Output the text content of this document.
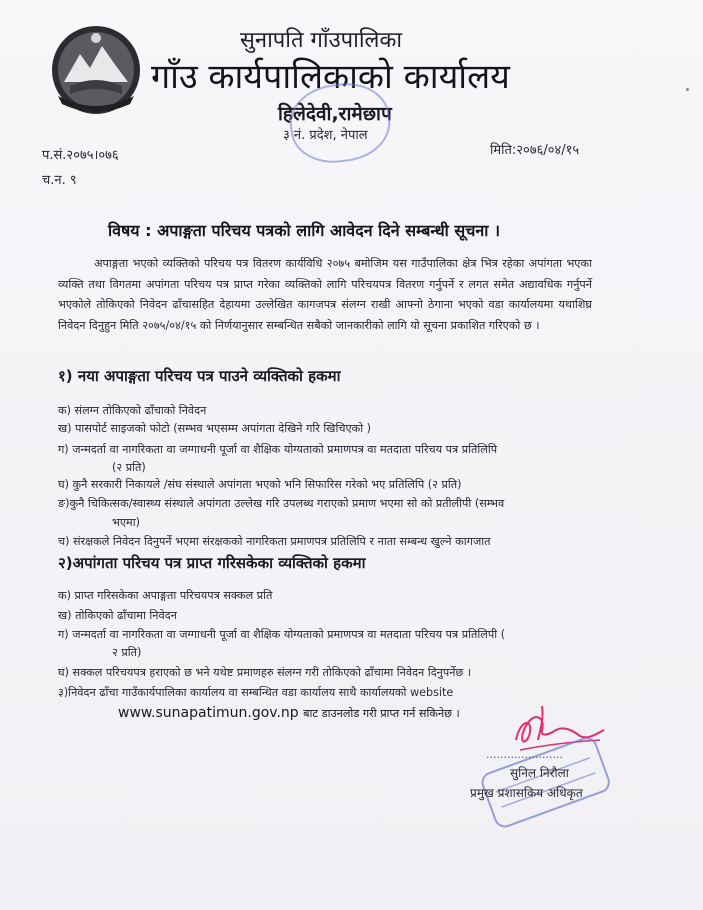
सुनापति गाँउपालिका
गाँउ कार्यपालिकाको कार्यालय
हिलेदेवी,रामेछाप
३ नं. प्रदेश, नेपाल
प.सं.२०७५।०७६
च.न. ९
मिति:२०७६/०४/१५
विषय : अपाङ्गता परिचय पत्रको लागि आवेदन दिने सम्बन्धी सूचना ।

अपाङ्गता भएको व्यक्तिको परिचय पत्र वितरण कार्यविधि २०७५ बमोजिम यस गाउँपालिका क्षेत्र भित्र रहेका अपांगता भएका व्यक्ति तथा विगतमा अपांगता परिचय पत्र प्राप्त गरेका व्यक्तिको लागि परिचयपत्र वितरण गर्नुपर्ने र लगत समेत अद्यावधिक गर्नुपर्ने भएकोले तोकिएको निवेदन ढाँचासहित देहायमा उल्लेखित कागजपत्र संलग्न राखी आफ्नो ठेगाना भएको वडा कार्यालयमा यथाशिघ्र निवेदन दिनुहुन मिति २०७५/०४/१५ को निर्णयानुसार सम्बन्धित सबैको जानकारीको लागि यो सूचना प्रकाशित गरिएको छ ।

१) नया अपाङ्गता परिचय पत्र पाउने व्यक्तिको हकमा
क) संलग्न तोकिएको ढाँचाको निवेदन
ख) पासपोर्ट साइजको फोटो (सम्भव भएसम्म अपांगता देखिने गरि खिचिएको )
ग) जन्मदर्ता वा नागरिकता वा जग्गाधनी पूर्जा वा शैक्षिक योग्यताको प्रमाणपत्र वा मतदाता परिचय पत्र प्रतिलिपि
(२ प्रति)
घ) कुनै सरकारी निकायले /संघ संस्थाले अपांगता भएको भनि सिफारिस गरेको भए प्रतिलिपि (२ प्रति)
ङ)कुनै चिकित्सक/स्वास्थ्य संस्थाले अपांगता उल्लेख गरि उपलब्ध गराएको प्रमाण भएमा सो को प्रतीलीपी (सम्भव
भएमा)
च) संरक्षकले निवेदन दिनुपर्ने भएमा संरक्षकको नागरिकता प्रमाणपत्र प्रतिलिपि र नाता सम्बन्ध खुल्ने कागजात
२)अपांगता परिचय पत्र प्राप्त गरिसकेका व्यक्तिको हकमा
क) प्राप्त गरिसकेका अपाङ्गता परिचयपत्र सक्कल प्रति
ख) तोकिएको ढाँचामा निवेदन
ग) जन्मदर्ता वा नागरिकता वा जग्गाधनी पूर्जा वा शैक्षिक योग्यताको प्रमाणपत्र वा मतदाता परिचय पत्र प्रतिलिपी (
२ प्रति)
घ) सक्कल परिचयपत्र हराएको छ भने यथेष्ट प्रमाणहरु संलग्न गरी तोकिएको ढाँचामा निवेदन दिनुपर्नेछ ।
३)निवेदन ढाँचा गाउँकार्यपालिका कार्यालय वा सम्बन्धित वडा कार्यालय साथै कार्यालयको website
www.sunapatimun.gov.np बाट डाउनलोड गरी प्राप्त गर्न सकिनेछ ।
......................
सुनिल निरौला
प्रमुख प्रशासकिय अधिकृत
